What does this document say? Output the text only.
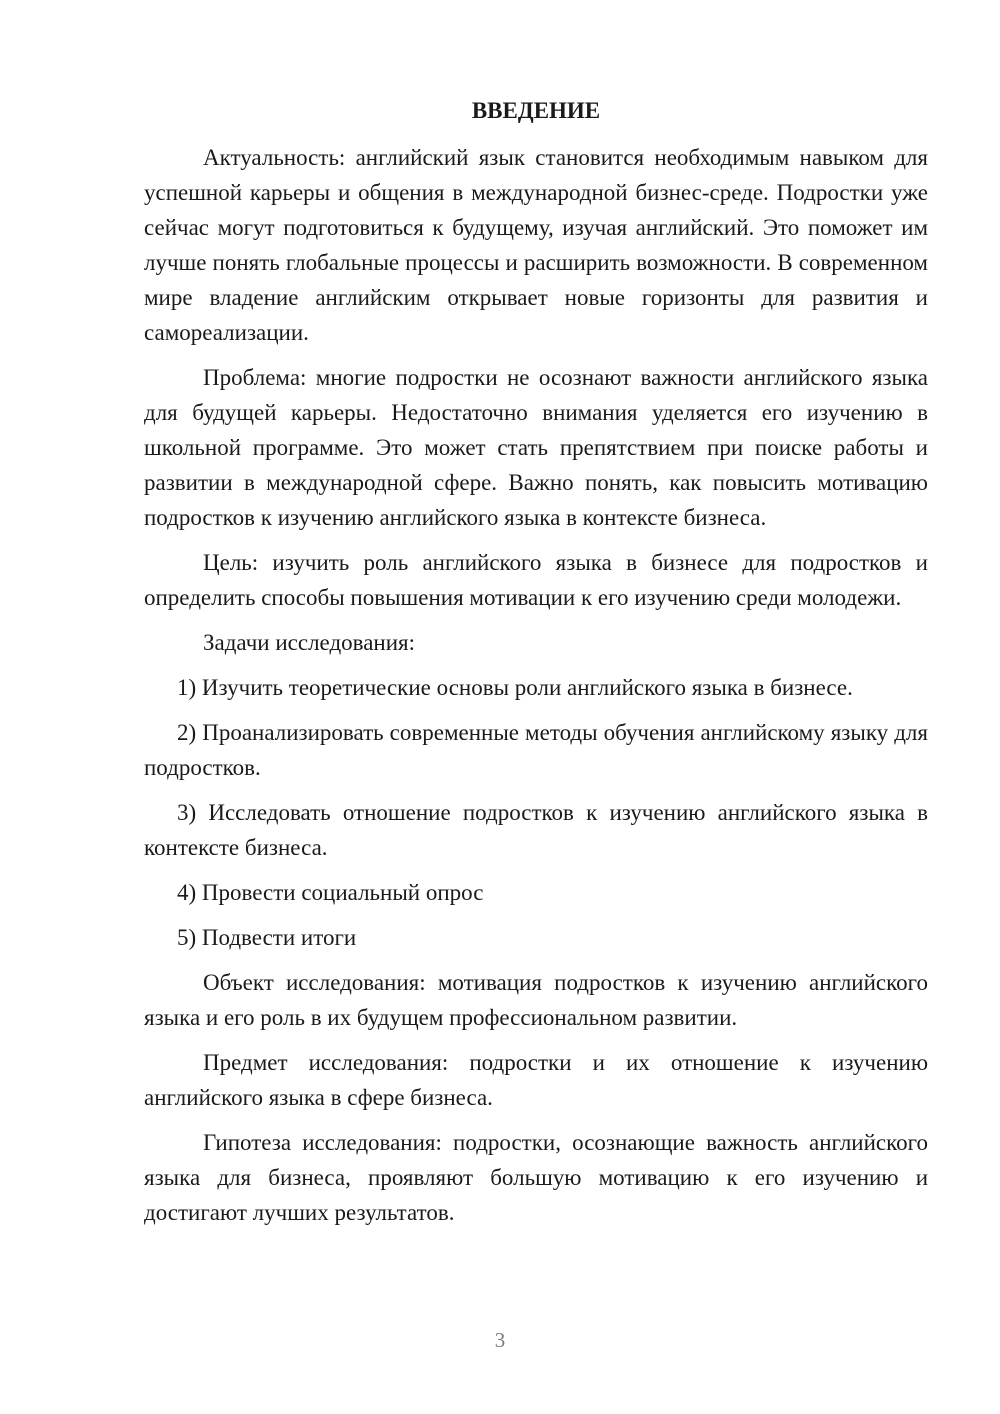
ВВЕДЕНИЕ

Актуальность: английский язык становится необходимым навыком для успешной карьеры и общения в международной бизнес-среде. Подростки уже сейчас могут подготовиться к будущему, изучая английский. Это поможет им лучше понять глобальные процессы и расширить возможности. В современном мире владение английским открывает новые горизонты для развития и самореализации.

Проблема: многие подростки не осознают важности английского языка для будущей карьеры. Недостаточно внимания уделяется его изучению в школьной программе. Это может стать препятствием при поиске работы и развитии в международной сфере. Важно понять, как повысить мотивацию подростков к изучению английского языка в контексте бизнеса.

Цель: изучить роль английского языка в бизнесе для подростков и определить способы повышения мотивации к его изучению среди молодежи.

Задачи исследования:

1) Изучить теоретические основы роли английского языка в бизнесе.

2) Проанализировать современные методы обучения английскому языку для подростков.

3) Исследовать отношение подростков к изучению английского языка в контексте бизнеса.

4) Провести социальный опрос

5) Подвести итоги

Объект исследования: мотивация подростков к изучению английского языка и его роль в их будущем профессиональном развитии.

Предмет исследования: подростки и их отношение к изучению английского языка в сфере бизнеса.

Гипотеза исследования: подростки, осознающие важность английского языка для бизнеса, проявляют большую мотивацию к его изучению и достигают лучших результатов.

3
